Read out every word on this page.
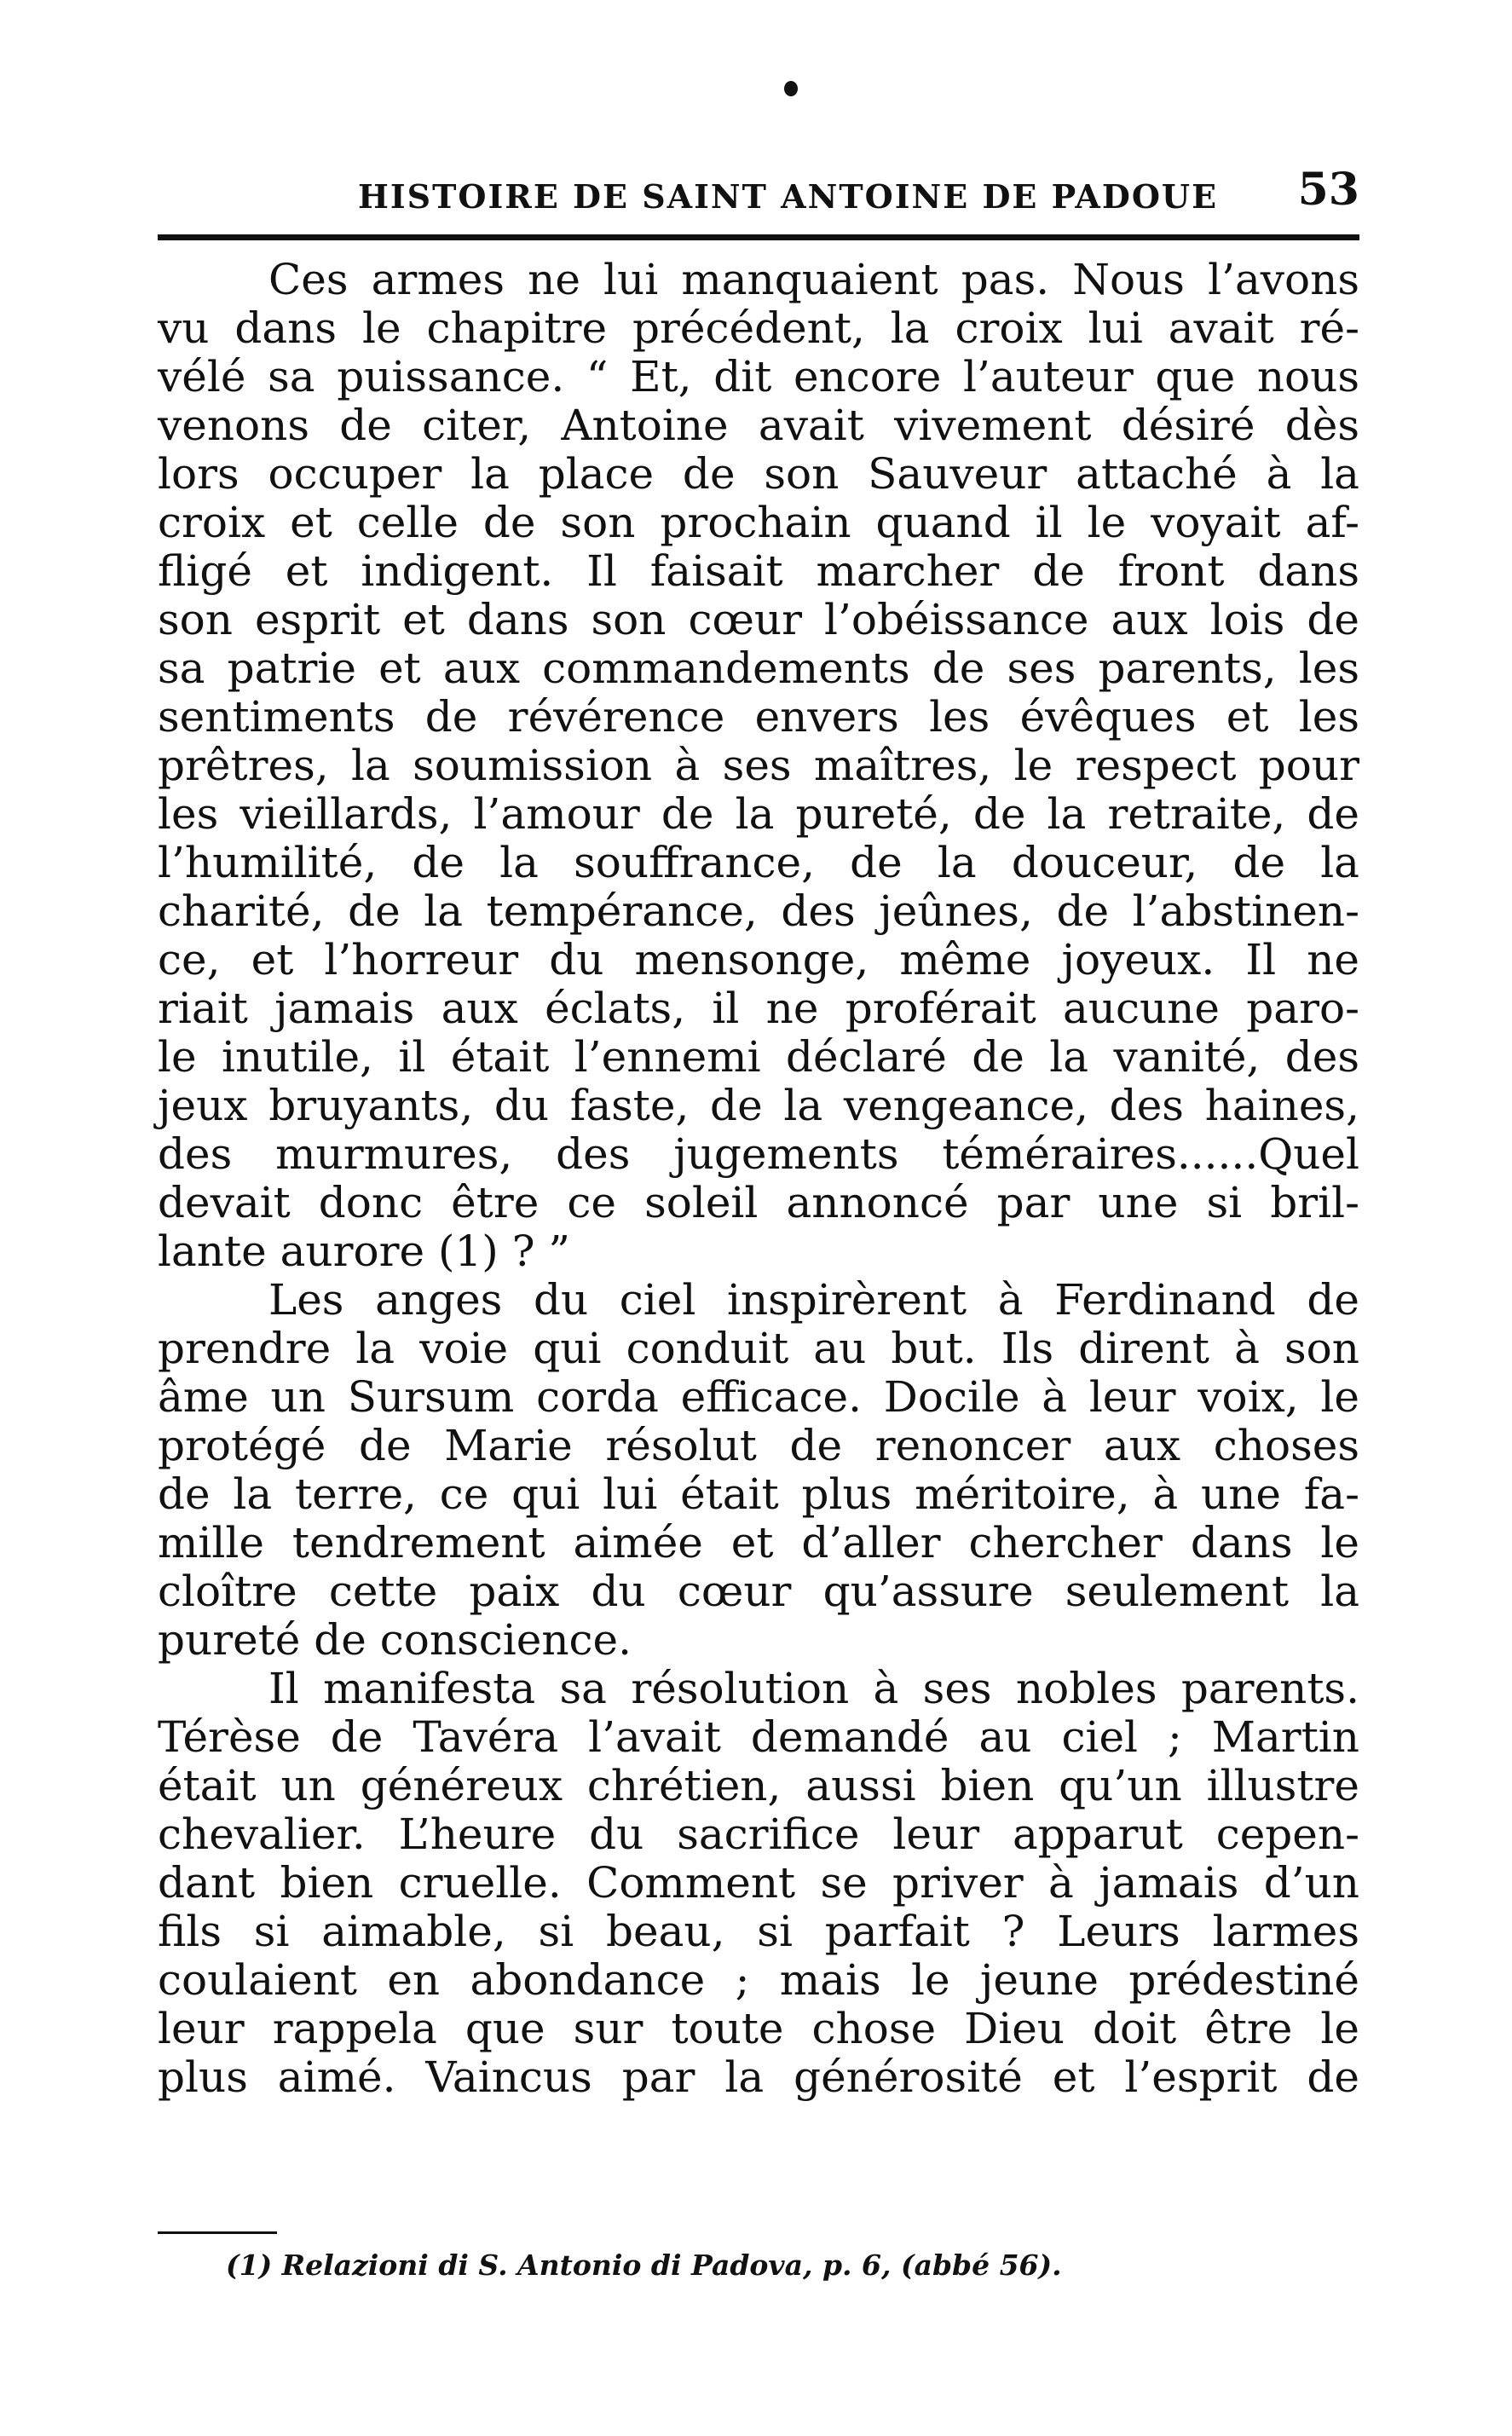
HISTOIRE DE SAINT ANTOINE DE PADOUE 53
Ces armes ne lui manquaient pas. Nous l’avons
vu dans le chapitre précédent, la croix lui avait ré-
vélé sa puissance. “ Et, dit encore l’auteur que nous
venons de citer, Antoine avait vivement désiré dès
lors occuper la place de son Sauveur attaché à la
croix et celle de son prochain quand il le voyait af-
fligé et indigent. Il faisait marcher de front dans
son esprit et dans son cœur l’obéissance aux lois de
sa patrie et aux commandements de ses parents, les
sentiments de révérence envers les évêques et les
prêtres, la soumission à ses maîtres, le respect pour
les vieillards, l’amour de la pureté, de la retraite, de
l’humilité, de la souffrance, de la douceur, de la
charité, de la tempérance, des jeûnes, de l’abstinen-
ce, et l’horreur du mensonge, même joyeux. Il ne
riait jamais aux éclats, il ne proférait aucune paro-
le inutile, il était l’ennemi déclaré de la vanité, des
jeux bruyants, du faste, de la vengeance, des haines,
des murmures, des jugements téméraires......Quel
devait donc être ce soleil annoncé par une si bril-
lante aurore (1) ? ”
Les anges du ciel inspirèrent à Ferdinand de
prendre la voie qui conduit au but. Ils dirent à son
âme un Sursum corda efficace. Docile à leur voix, le
protégé de Marie résolut de renoncer aux choses
de la terre, ce qui lui était plus méritoire, à une fa-
mille tendrement aimée et d’aller chercher dans le
cloître cette paix du cœur qu’assure seulement la
pureté de conscience.
Il manifesta sa résolution à ses nobles parents.
Térèse de Tavéra l’avait demandé au ciel ; Martin
était un généreux chrétien, aussi bien qu’un illustre
chevalier. L’heure du sacrifice leur apparut cepen-
dant bien cruelle. Comment se priver à jamais d’un
fils si aimable, si beau, si parfait ? Leurs larmes
coulaient en abondance ; mais le jeune prédestiné
leur rappela que sur toute chose Dieu doit être le
plus aimé. Vaincus par la générosité et l’esprit de
(1) Relazioni di S. Antonio di Padova, p. 6, (abbé 56).
